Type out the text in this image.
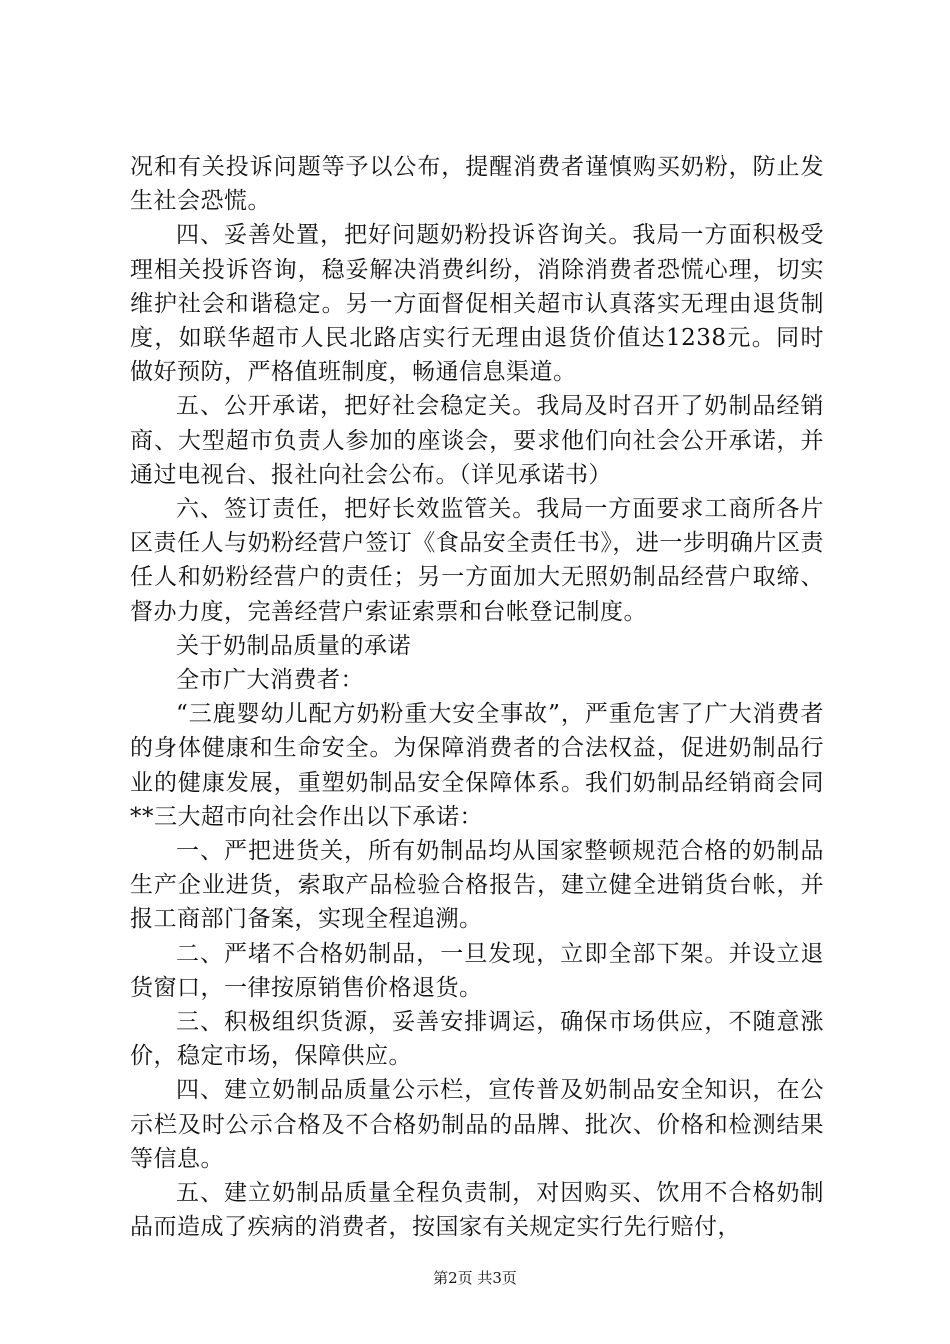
况和有关投诉问题等予以公布，提醒消费者谨慎购买奶粉，防止发生社会恐慌。

四、妥善处置，把好问题奶粉投诉咨询关。我局一方面积极受理相关投诉咨询，稳妥解决消费纠纷，消除消费者恐慌心理，切实维护社会和谐稳定。另一方面督促相关超市认真落实无理由退货制度，如联华超市人民北路店实行无理由退货价值达1238元。同时做好预防，严格值班制度，畅通信息渠道。

五、公开承诺，把好社会稳定关。我局及时召开了奶制品经销商、大型超市负责人参加的座谈会，要求他们向社会公开承诺，并通过电视台、报社向社会公布。（详见承诺书）

六、签订责任，把好长效监管关。我局一方面要求工商所各片区责任人与奶粉经营户签订《食品安全责任书》，进一步明确片区责任人和奶粉经营户的责任；另一方面加大无照奶制品经营户取缔、督办力度，完善经营户索证索票和台帐登记制度。

关于奶制品质量的承诺

全市广大消费者：

“三鹿婴幼儿配方奶粉重大安全事故”，严重危害了广大消费者的身体健康和生命安全。为保障消费者的合法权益，促进奶制品行业的健康发展，重塑奶制品安全保障体系。我们奶制品经销商会同**三大超市向社会作出以下承诺：

一、严把进货关，所有奶制品均从国家整顿规范合格的奶制品生产企业进货，索取产品检验合格报告，建立健全进销货台帐，并报工商部门备案，实现全程追溯。

二、严堵不合格奶制品，一旦发现，立即全部下架。并设立退货窗口，一律按原销售价格退货。

三、积极组织货源，妥善安排调运，确保市场供应，不随意涨价，稳定市场，保障供应。

四、建立奶制品质量公示栏，宣传普及奶制品安全知识，在公示栏及时公示合格及不合格奶制品的品牌、批次、价格和检测结果等信息。

五、建立奶制品质量全程负责制，对因购买、饮用不合格奶制品而造成了疾病的消费者，按国家有关规定实行先行赔付，

第2页 共3页
